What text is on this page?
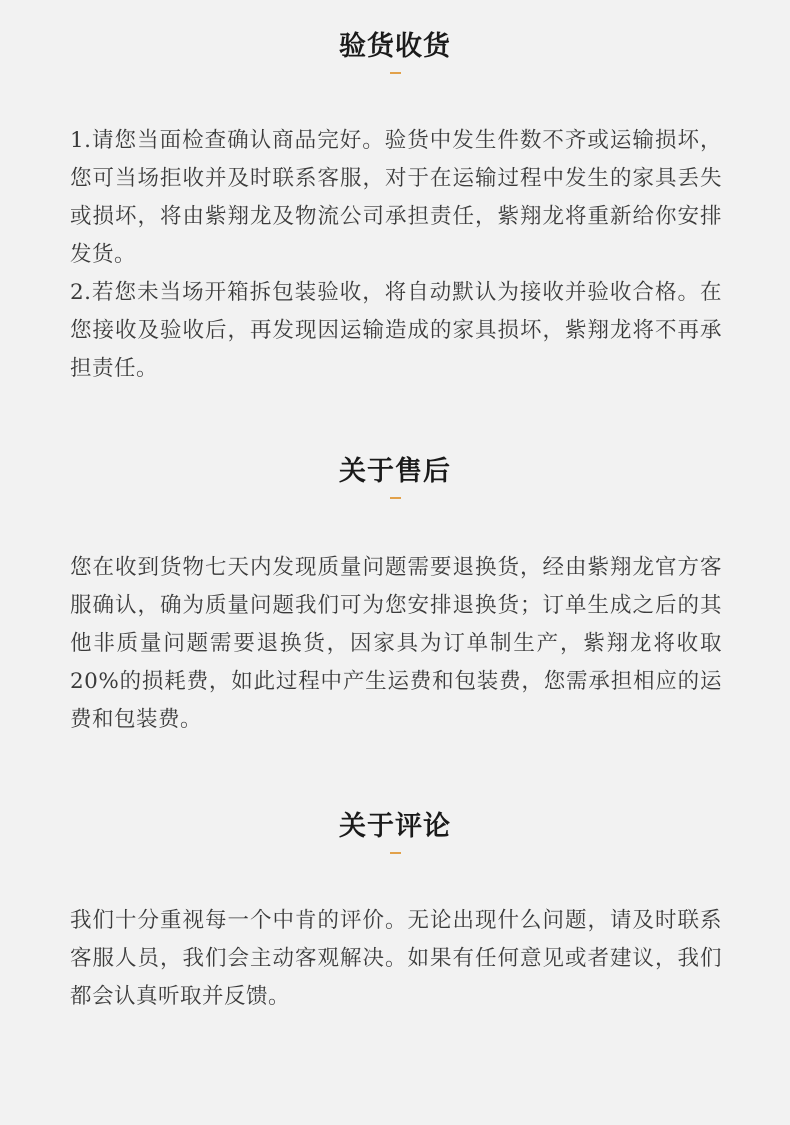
验货收货

1.请您当面检查确认商品完好。验货中发生件数不齐或运输损坏，您可当场拒收并及时联系客服，对于在运输过程中发生的家具丢失或损坏，将由紫翔龙及物流公司承担责任，紫翔龙将重新给你安排发货。

2.若您未当场开箱拆包装验收，将自动默认为接收并验收合格。在您接收及验收后，再发现因运输造成的家具损坏，紫翔龙将不再承担责任。

关于售后

您在收到货物七天内发现质量问题需要退换货，经由紫翔龙官方客服确认，确为质量问题我们可为您安排退换货；订单生成之后的其他非质量问题需要退换货，因家具为订单制生产，紫翔龙将收取20%的损耗费，如此过程中产生运费和包装费，您需承担相应的运费和包装费。

关于评论

我们十分重视每一个中肯的评价。无论出现什么问题，请及时联系客服人员，我们会主动客观解决。如果有任何意见或者建议，我们都会认真听取并反馈。
